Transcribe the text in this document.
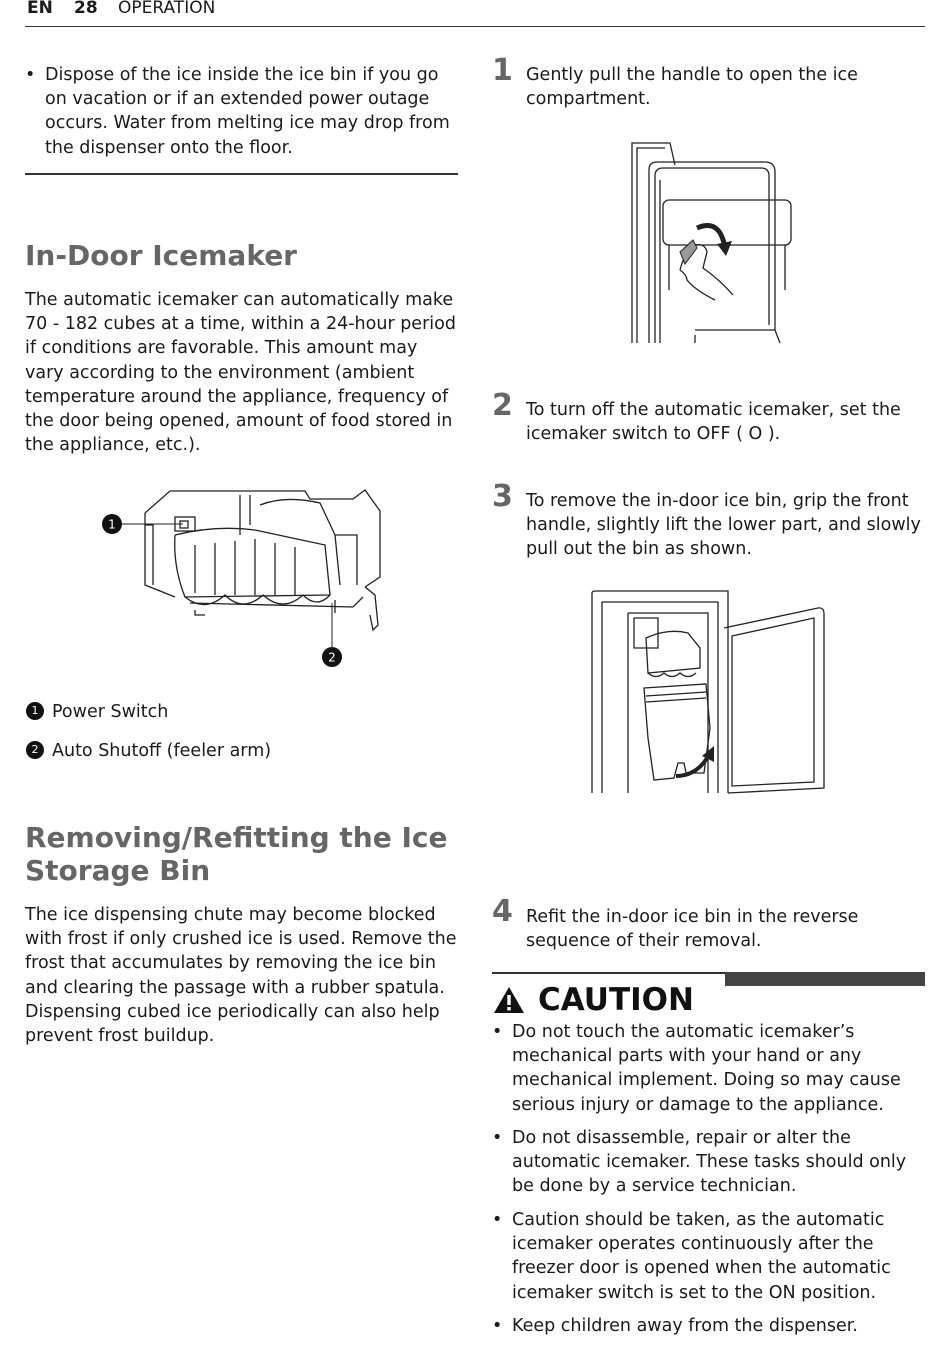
EN 28 OPERATION
• Dispose of the ice inside the ice bin if you go on vacation or if an extended power outage occurs. Water from melting ice may drop from the dispenser onto the floor.

In-Door Icemaker

The automatic icemaker can automatically make 70 - 182 cubes at a time, within a 24-hour period if conditions are favorable. This amount may vary according to the environment (ambient temperature around the appliance, frequency of the door being opened, amount of food stored in the appliance, etc.).

1
2
1 Power Switch
2 Auto Shutoff (feeler arm)
Removing/Refitting the Ice
Storage Bin

The ice dispensing chute may become blocked with frost if only crushed ice is used. Remove the frost that accumulates by removing the ice bin and clearing the passage with a rubber spatula. Dispensing cubed ice periodically can also help prevent frost buildup.

1 Gently pull the handle to open the ice compartment.

2 To turn off the automatic icemaker, set the icemaker switch to OFF ( O ).

3 To remove the in-door ice bin, grip the front handle, slightly lift the lower part, and slowly pull out the bin as shown.

4 Refit the in-door ice bin in the reverse sequence of their removal.

CAUTION
• Do not touch the automatic icemaker’s mechanical parts with your hand or any mechanical implement. Doing so may cause serious injury or damage to the appliance.

• Do not disassemble, repair or alter the automatic icemaker. These tasks should only be done by a service technician.

• Caution should be taken, as the automatic icemaker operates continuously after the freezer door is opened when the automatic icemaker switch is set to the ON position.

• Keep children away from the dispenser.
